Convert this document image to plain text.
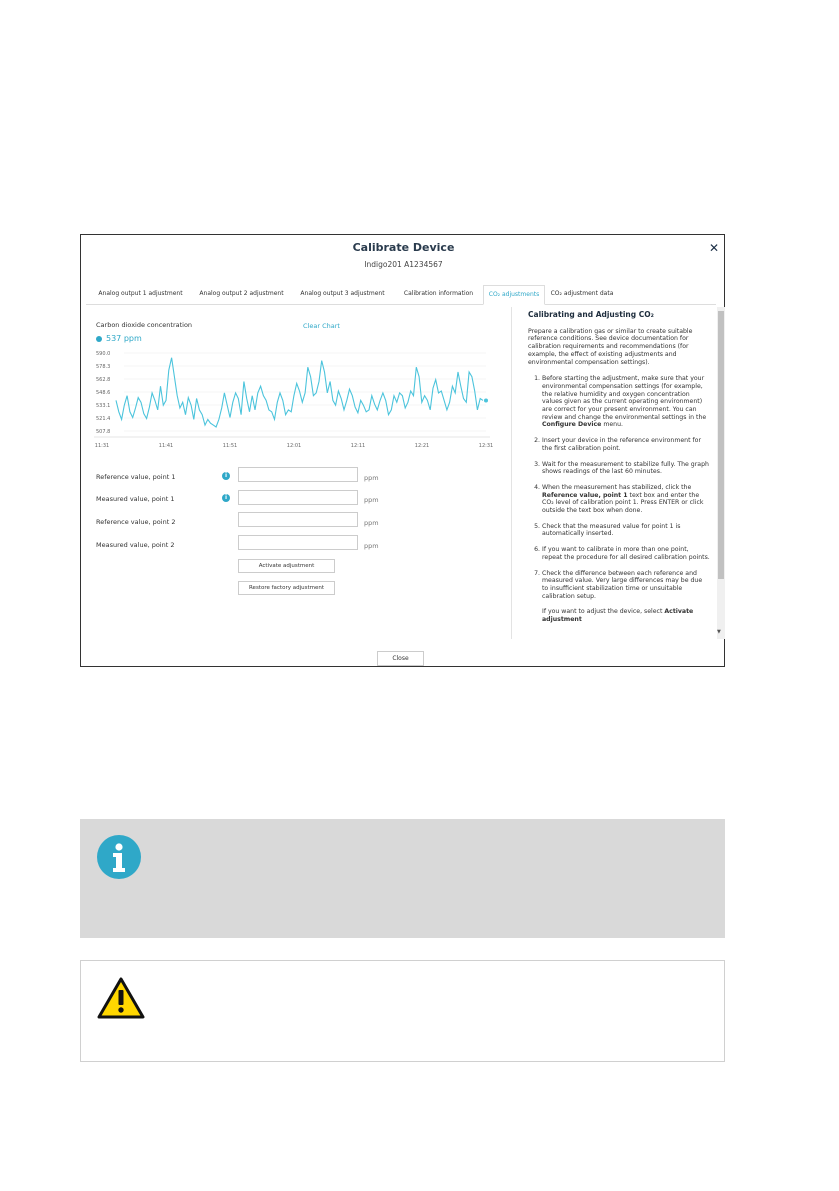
Calibrate Device
Indigo201 A1234567
✕
Analog output 1 adjustment	Analog output 2 adjustment	Analog output 3 adjustment	Calibration information	CO₂ adjustments	CO₂ adjustment data
Carbon dioxide concentration	Clear Chart
537 ppm
590.0
578.3
562.8
548.6
533.1
521.4
507.8
11:31	11:41	11:51	12:01	12:11	12:21	12:31
Reference value, point 1	i	ppm
Measured value, point 1	i	ppm
Reference value, point 2	ppm
Measured value, point 2	ppm
Activate adjustment
Restore factory adjustment
Calibrating and Adjusting CO₂
Prepare a calibration gas or similar to create suitable reference conditions. See device documentation for calibration requirements and recommendations (for example, the effect of existing adjustments and environmental compensation settings).
1. Before starting the adjustment, make sure that your environmental compensation settings (for example, the relative humidity and oxygen concentration values given as the current operating environment) are correct for your present environment. You can review and change the environmental settings in the Configure Device menu.
2. Insert your device in the reference environment for the first calibration point.
3. Wait for the measurement to stabilize fully. The graph shows readings of the last 60 minutes.
4. When the measurement has stabilized, click the Reference value, point 1 text box and enter the CO₂ level of calibration point 1. Press ENTER or click outside the text box when done.
5. Check that the measured value for point 1 is automatically inserted.
6. If you want to calibrate in more than one point, repeat the procedure for all desired calibration points.
7. Check the difference between each reference and measured value. Very large differences may be due to insufficient stabilization time or unsuitable calibration setup.
If you want to adjust the device, select Activate adjustment
▼
Close
